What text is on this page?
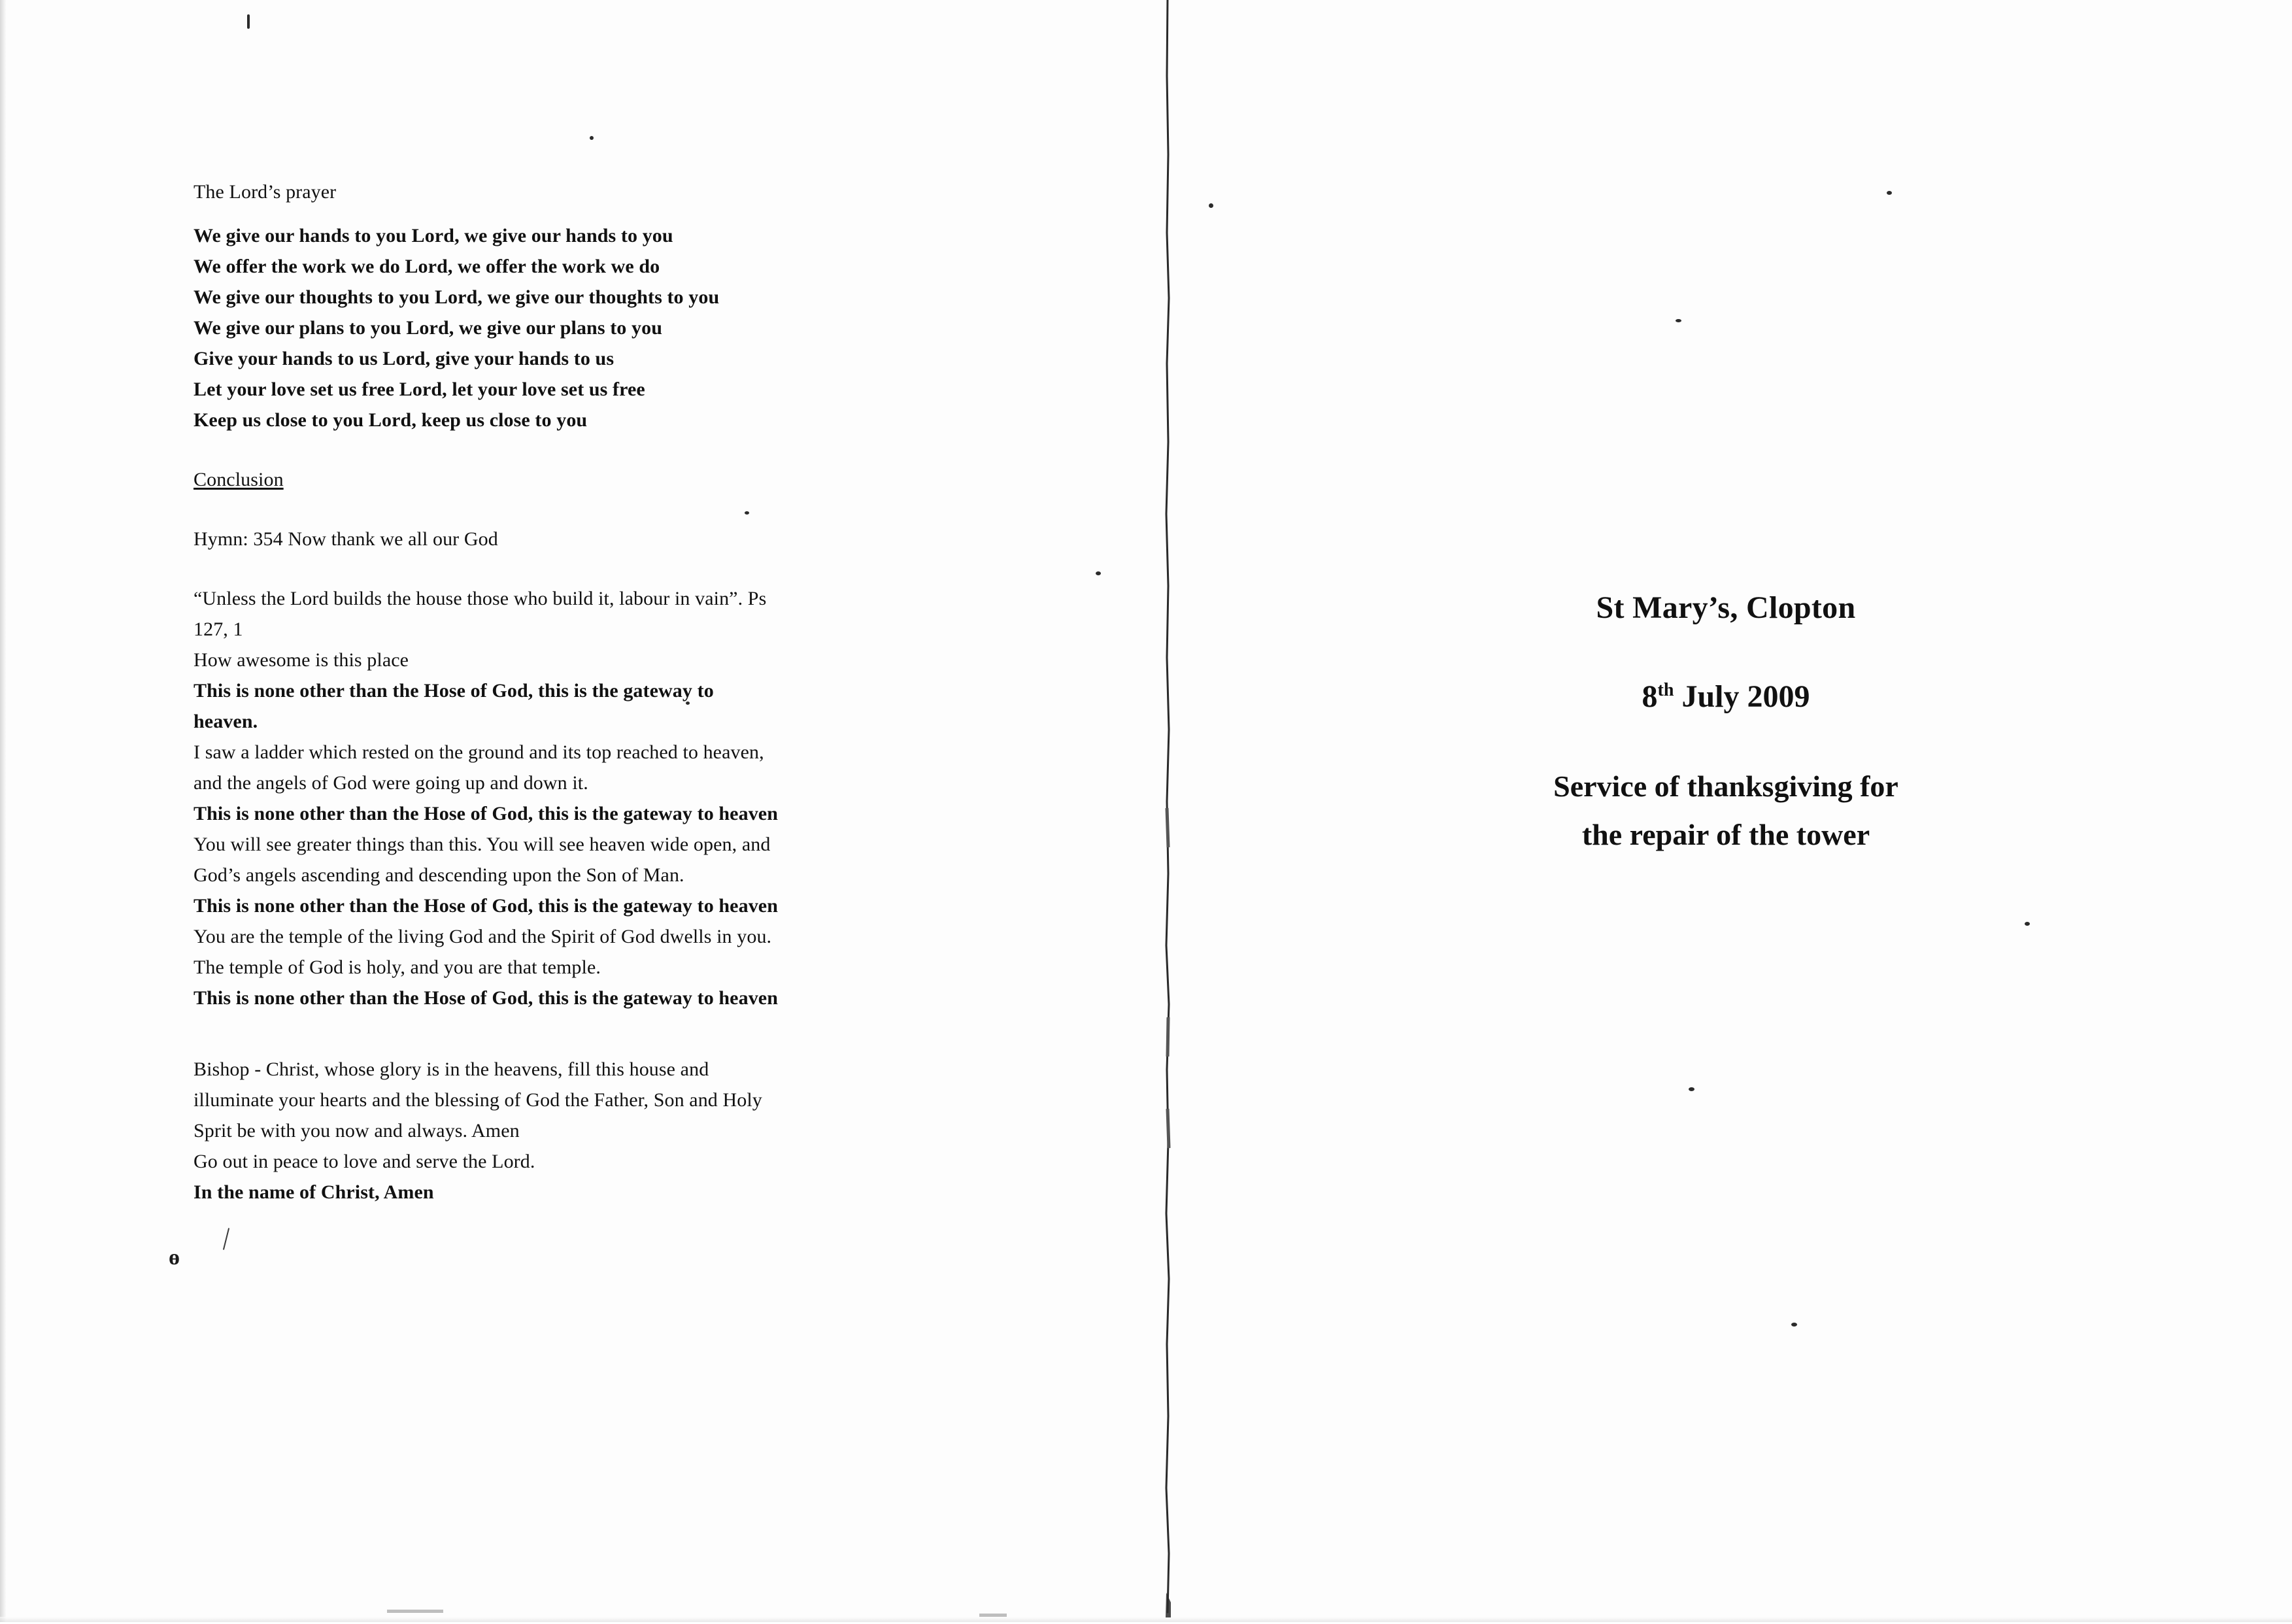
The Lord’s prayer
We give our hands to you Lord, we give our hands to you
We offer the work we do Lord, we offer the work we do
We give our thoughts to you Lord, we give our thoughts to you
We give our plans to you Lord, we give our plans to you
Give your hands to us Lord, give your hands to us
Let your love set us free Lord, let your love set us free
Keep us close to you Lord, keep us close to you
Conclusion
Hymn: 354 Now thank we all our God
“Unless the Lord builds the house those who build it, labour in vain”. Ps
127, 1
How awesome is this place
This is none other than the Hose of God, this is the gateway to
heaven.
I saw a ladder which rested on the ground and its top reached to heaven,
and the angels of God were going up and down it.
This is none other than the Hose of God, this is the gateway to heaven
You will see greater things than this. You will see heaven wide open, and
God’s angels ascending and descending upon the Son of Man.
This is none other than the Hose of God, this is the gateway to heaven
You are the temple of the living God and the Spirit of God dwells in you.
The temple of God is holy, and you are that temple.
This is none other than the Hose of God, this is the gateway to heaven
Bishop - Christ, whose glory is in the heavens, fill this house and
illuminate your hearts and the blessing of God the Father, Son and Holy
Sprit be with you now and always. Amen
Go out in peace to love and serve the Lord.
In the name of Christ, Amen
ɵ
St Mary’s, Clopton
8th July 2009
Service of thanksgiving for
the repair of the tower
